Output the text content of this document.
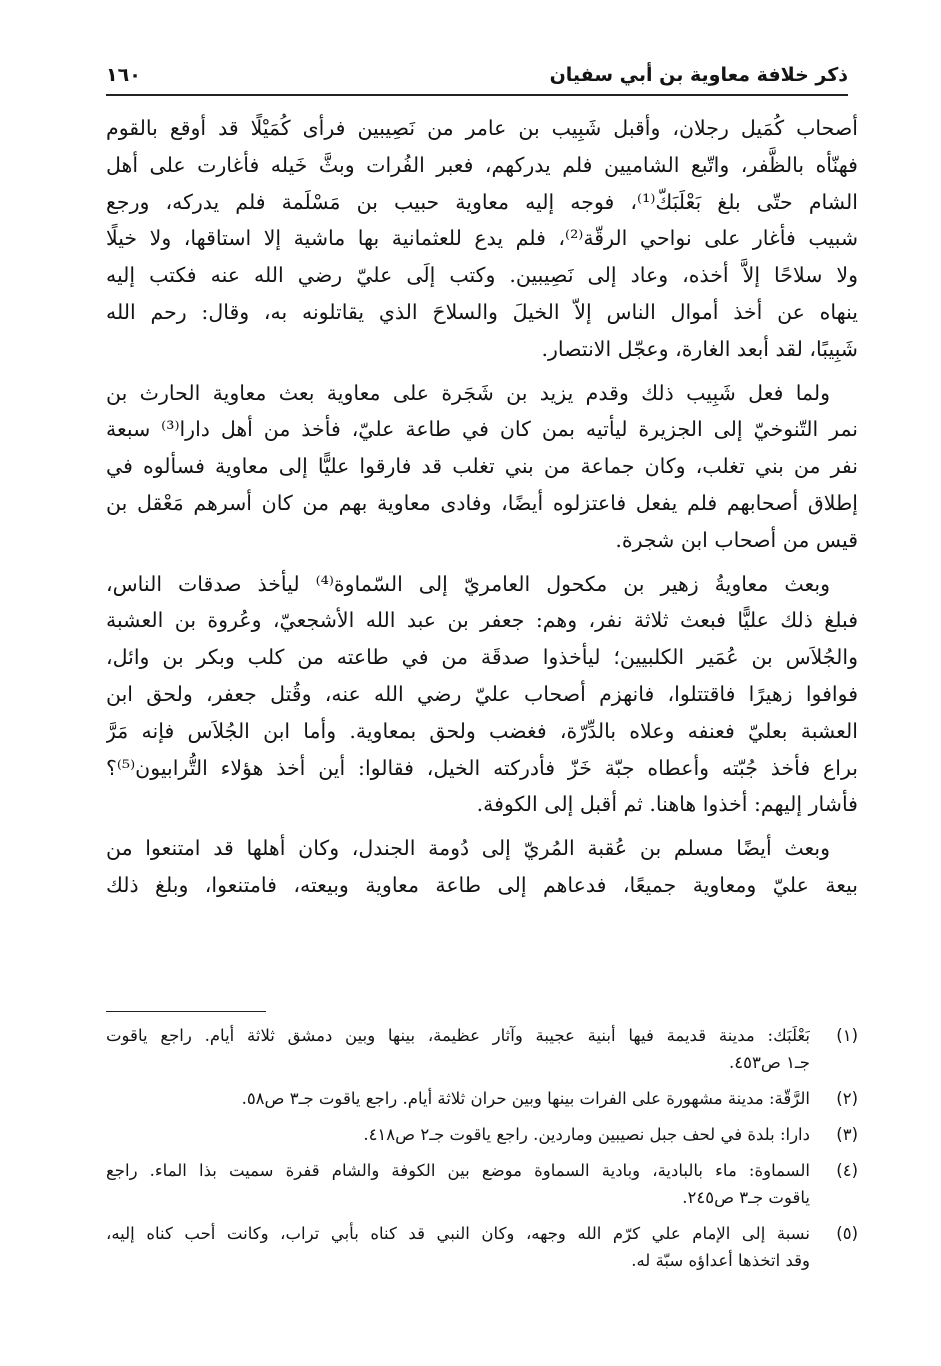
ذكر خلافة معاوية بن أبي سفيان
١٦٠
أصحاب كُمَيل رجلان، وأقبل شَبِيب بن عامر من نَصِيبين فرأى كُمَيْلًا قد أوقع بالقوم
فهنّأه بالظَّفر، واتّبع الشاميين فلم يدركهم، فعبر الفُرات وبثَّ خَيله فأغارت على أهل
الشام حتّى بلغ بَعْلَبَكّ⁽¹⁾، فوجه إليه معاوية حبيب بن مَسْلَمة فلم يدركه، ورجع
شبيب فأغار على نواحي الرقّة⁽²⁾، فلم يدع للعثمانية بها ماشية إلا استاقها، ولا خيلًا
ولا سلاحًا إلاَّ أخذه، وعاد إلى نَصِيبين. وكتب إلَى عليّ رضي الله عنه فكتب إليه
ينهاه عن أخذ أموال الناس إلاّ الخيلَ والسلاحَ الذي يقاتلونه به، وقال: رحم الله
شَبِيبًا، لقد أبعد الغارة، وعجّل الانتصار.
ولما فعل شَبِيب ذلك وقدم يزيد بن شَجَرة على معاوية بعث معاوية الحارث بن
نمر التّنوخيّ إلى الجزيرة ليأتيه بمن كان في طاعة عليّ، فأخذ من أهل دارا⁽³⁾ سبعة
نفر من بني تغلب، وكان جماعة من بني تغلب قد فارقوا عليًّا إلى معاوية فسألوه في
إطلاق أصحابهم فلم يفعل فاعتزلوه أيضًا، وفادى معاوية بهم من كان أسرهم مَعْقل بن
قيس من أصحاب ابن شجرة.
وبعث معاويةُ زهير بن مكحول العامريّ إلى السّماوة⁽⁴⁾ ليأخذ صدقات الناس،
فبلغ ذلك عليًّا فبعث ثلاثة نفر، وهم: جعفر بن عبد الله الأشجعيّ، وعُروة بن العشبة
والجُلاَس بن عُمَير الكلبيين؛ ليأخذوا صدقَة من في طاعته من كلب وبكر بن وائل،
فوافوا زهيرًا فاقتتلوا، فانهزم أصحاب عليّ رضي الله عنه، وقُتل جعفر، ولحق ابن
العشبة بعليّ فعنفه وعلاه بالدِّرّة، فغضب ولحق بمعاوية. وأما ابن الجُلاَس فإنه مَرَّ
براع فأخذ جُبّته وأعطاه جبّة خَزّ فأدركته الخيل، فقالوا: أين أخذ هؤلاء التُّرابيون⁽⁵⁾؟
فأشار إليهم: أخذوا هاهنا. ثم أقبل إلى الكوفة.
وبعث أيضًا مسلم بن عُقبة المُريّ إلى دُومة الجندل، وكان أهلها قد امتنعوا من
بيعة عليّ ومعاوية جميعًا، فدعاهم إلى طاعة معاوية وبيعته، فامتنعوا، وبلغ ذلك
(١)
بَعْلَبَك: مدينة قديمة فيها أبنية عجيبة وآثار عظيمة، بينها وبين دمشق ثلاثة أيام. راجع ياقوت
جـ١ ص٤٥٣.
(٢)
الرَّقّة: مدينة مشهورة على الفرات بينها وبين حران ثلاثة أيام. راجع ياقوت جـ٣ ص٥٨.
(٣)
دارا: بلدة في لحف جبل نصيبين وماردين. راجع ياقوت جـ٢ ص٤١٨.
(٤)
السماوة: ماء بالبادية، وبادية السماوة موضع بين الكوفة والشام قفرة سميت بذا الماء. راجع
ياقوت جـ٣ ص٢٤٥.
(٥)
نسبة إلى الإمام علي كرّم الله وجهه، وكان النبي قد كناه بأبي تراب، وكانت أحب كناه إليه،
وقد اتخذها أعداؤه سبّة له.
